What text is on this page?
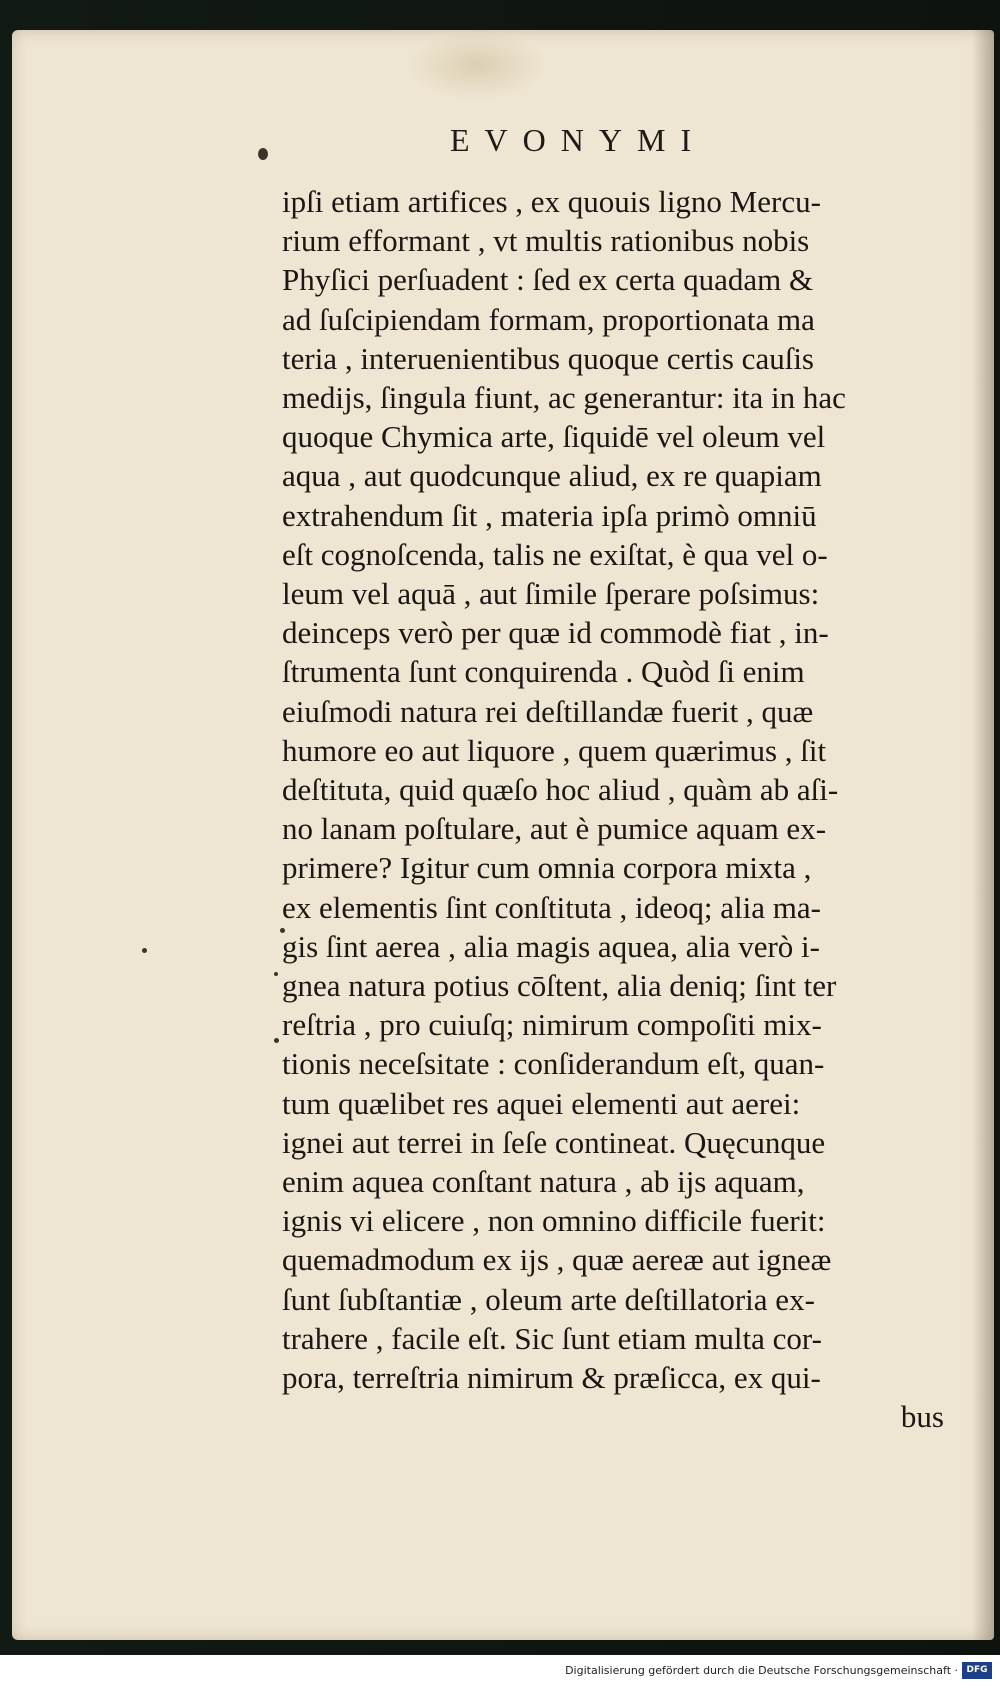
EVONYMI
ipſi etiam artifices , ex quouis ligno Mercu-
rium efformant , vt multis rationibus nobis
Phyſici perſuadent : ſed ex certa quadam &
ad ſuſcipiendam formam, proportionata ma
teria , interuenientibus quoque certis cauſis
medijs, ſingula fiunt, ac generantur: ita in hac
quoque Chymica arte, ſiquidē vel oleum vel
aqua , aut quodcunque aliud, ex re quapiam
extrahendum ſit , materia ipſa primò omniū
eſt cognoſcenda, talis ne exiſtat, è qua vel o-
leum vel aquā , aut ſimile ſperare poſsimus:
deinceps verò per quæ id commodè fiat , in-
ſtrumenta ſunt conquirenda . Quòd ſi enim
eiuſmodi natura rei deſtillandæ fuerit , quæ
humore eo aut liquore , quem quærimus , ſit
deſtituta, quid quæſo hoc aliud , quàm ab aſi-
no lanam poſtulare, aut è pumice aquam ex-
primere? Igitur cum omnia corpora mixta ,
ex elementis ſint conſtituta , ideoq; alia ma-
gis ſint aerea , alia magis aquea, alia verò i-
gnea natura potius cōſtent, alia deniq; ſint ter
reſtria , pro cuiuſq; nimirum compoſiti mix-
tionis neceſsitate : conſiderandum eſt, quan-
tum quælibet res aquei elementi aut aerei:
ignei aut terrei in ſeſe contineat. Quęcunque
enim aquea conſtant natura , ab ijs aquam,
ignis vi elicere , non omnino difficile fuerit:
quemadmodum ex ijs , quæ aereæ aut igneæ
ſunt ſubſtantiæ , oleum arte deſtillatoria ex-
trahere , facile eſt. Sic ſunt etiam multa cor-
pora, terreſtria nimirum & præſicca, ex qui-
bus
Digitalisierung gefördert durch die Deutsche Forschungsgemeinschaft · DFG
